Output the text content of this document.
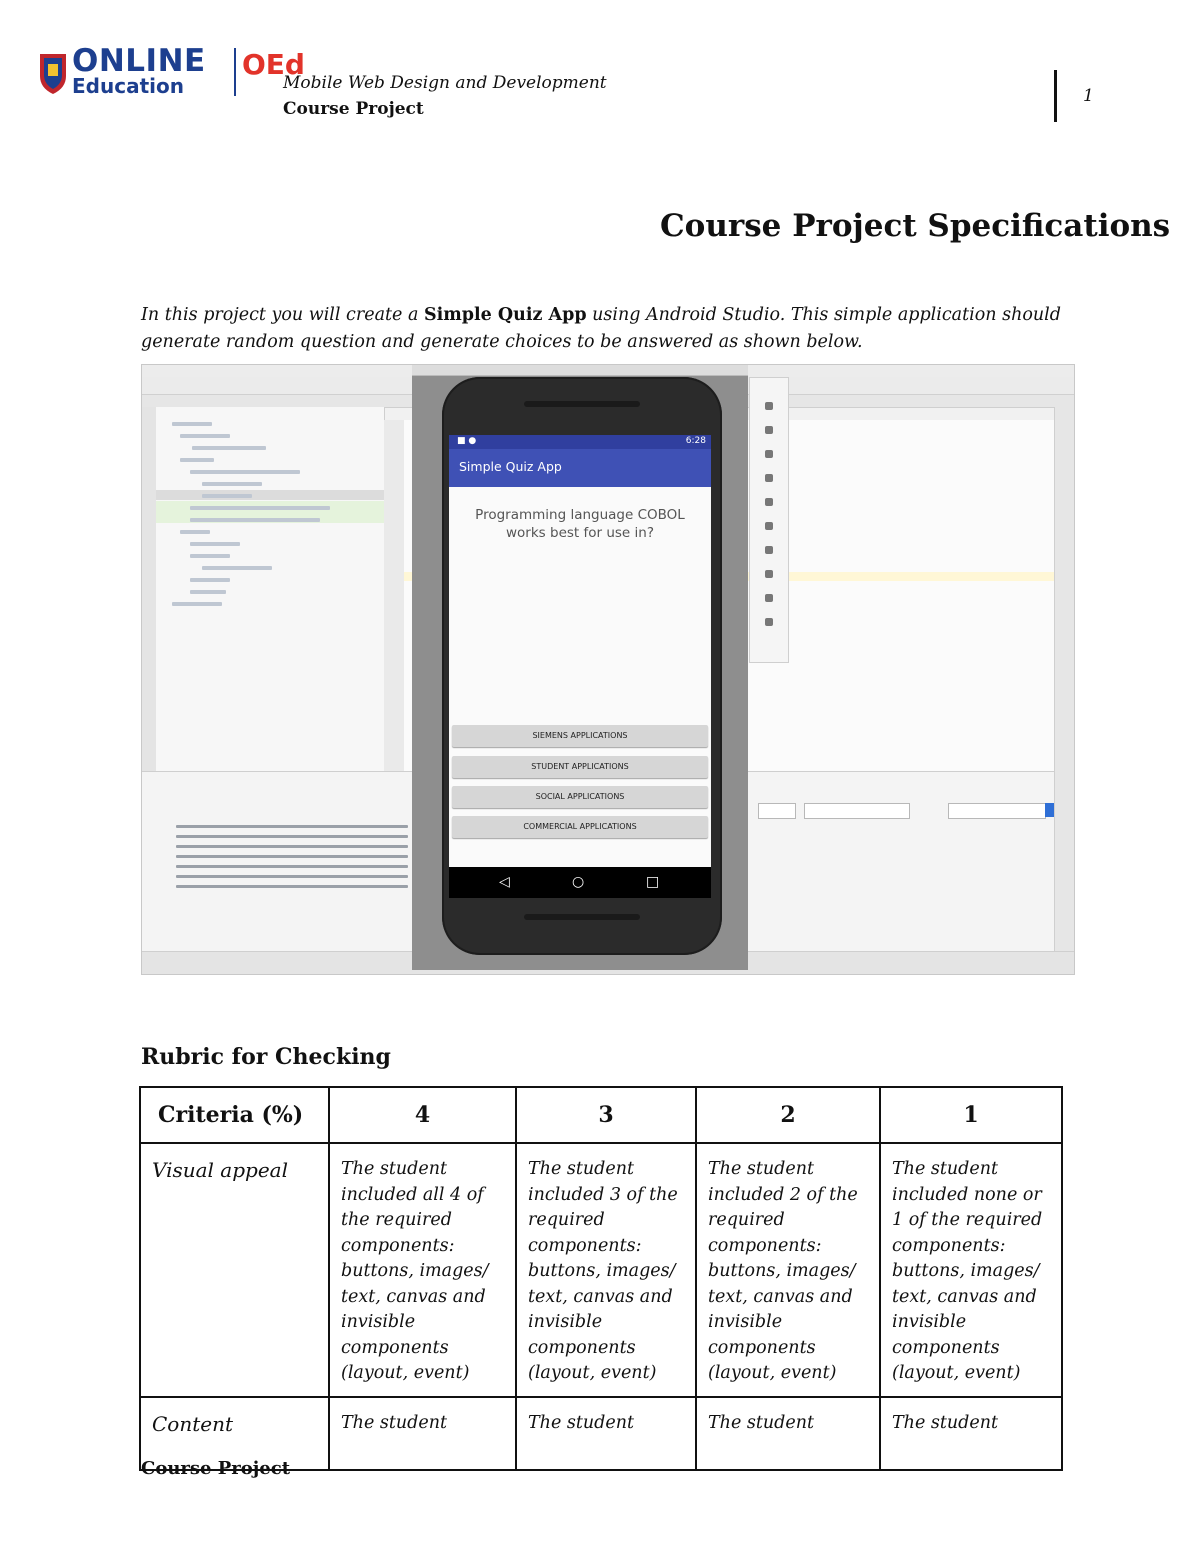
ONLINE
Education
OEd
Mobile Web Design and Development
Course Project
1
Course Project Specifications
In this project you will create a Simple Quiz App using Android Studio. This simple application should generate random question and generate choices to be answered as shown below.
■ ●	6:28
Simple Quiz App
Programming language COBOL works best for use in?
SIEMENS APPLICATIONS
STUDENT APPLICATIONS
SOCIAL APPLICATIONS
COMMERCIAL APPLICATIONS
◁	○	□
Rubric for Checking
Criteria (%)	4	3	2	1
Visual appeal	The student included all 4 of the required components: buttons, images/ text, canvas and invisible components (layout, event)	The student included 3 of the required components: buttons, images/ text, canvas and invisible components (layout, event)	The student included 2 of the required components: buttons, images/ text, canvas and invisible components (layout, event)	The student included none or 1 of the required components: buttons, images/ text, canvas and invisible components (layout, event)
Content	The student	The student	The student	The student
Course Project
